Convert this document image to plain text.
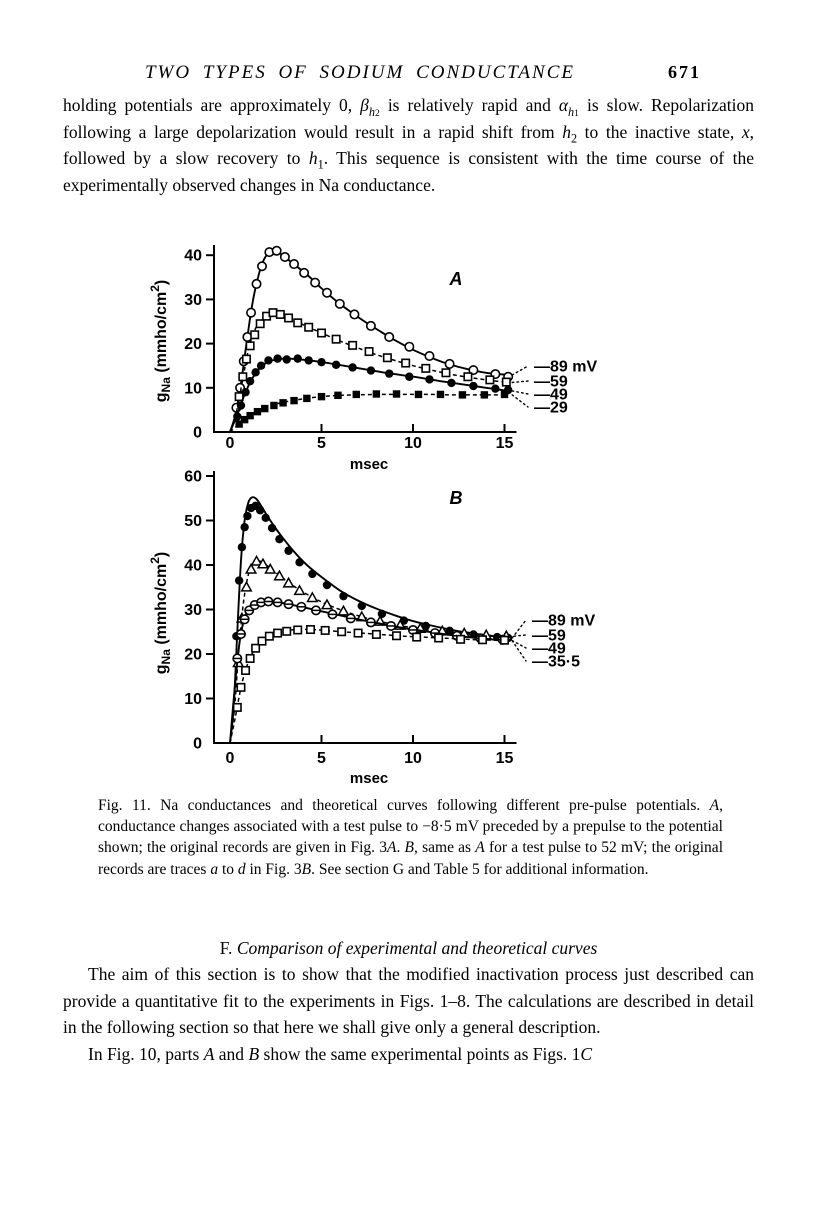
TWO TYPES OF SODIUM CONDUCTANCE	671
holding potentials are approximately 0, $\beta_{h_2}$ is relatively rapid and $\alpha_{h_1}$ is slow. Repolarization following a large depolarization would result in a rapid shift from $h_2$ to the inactive state, x, followed by a slow recovery to $h_1$. This sequence is consistent with the time course of the experimentally observed changes in Na conductance.
0
10
20
30
40
0	5	10	15
msec
$g_{Na}$ $(mmho/cm^2)$	A
—89 mV
—59
—49
—29
0
10
20
30
40
50
60
0	5	10	15
msec
$g_{Na}$ $(mmho/cm^2)$
B
—89 mV
—59
—49
—35·5
Fig. 11. Na conductances and theoretical curves following different pre-pulse potentials. A, conductance changes associated with a test pulse to −8·5 mV preceded by a prepulse to the potential shown; the original records are given in Fig. 3A. B, same as A for a test pulse to 52 mV; the original records are traces a to d in Fig. 3B. See section G and Table 5 for additional information.
F. Comparison of experimental and theoretical curves

The aim of this section is to show that the modified inactivation process just described can provide a quantitative fit to the experiments in Figs. 1–8. The calculations are described in detail in the following section so that here we shall give only a general description.

In Fig. 10, parts A and B show the same experimental points as Figs. 1C
